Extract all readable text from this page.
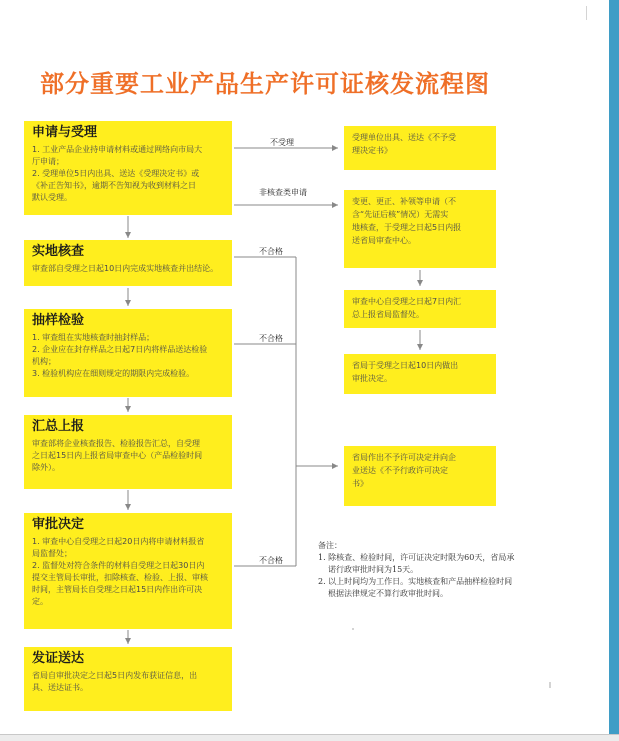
部分重要工业产品生产许可证核发流程图
申请与受理
1. 工业产品企业持申请材料或通过网络向市局大
厅申请；
2. 受理单位5日内出具、送达《受理决定书》或
《补正告知书》，逾期不告知视为收到材料之日
默认受理。
实地核查
审查部自受理之日起10日内完成实地核查并出结论。
抽样检验
1. 审查组在实地核查时抽封样品；
2. 企业应在封存样品之日起7日内将样品送达检验
机构；
3. 检验机构应在细则规定的期限内完成检验。
汇总上报
审查部将企业核查报告、检验报告汇总，自受理
之日起15日内上报省局审查中心（产品检验时间
除外）。
审批决定
1. 审查中心自受理之日起20日内将申请材料报省
局监督处；
2. 监督处对符合条件的材料自受理之日起30日内
提交主管局长审批，扣除核查、检验、上报、审核
时间，主管局长自受理之日起15日内作出许可决
定。
发证送达
省局自审批决定之日起5日内发布获证信息，出
具、送达证书。
受理单位出具、送达《不予受
理决定书》
变更、更正、补领等申请（不
含“先证后核”情况）无需实
地核查，于受理之日起5日内报
送省局审查中心。
审查中心自受理之日起7日内汇
总上报省局监督处。
省局于受理之日起10日内做出
审批决定。
省局作出不予许可决定并向企
业送达《不予行政许可决定
书》
不受理
非核查类申请
不合格
不合格
不合格
备注：
1. 除核查、检验时间，许可证决定时限为60天，省局承
诺行政审批时间为15天。
2. 以上时间均为工作日。实地核查和产品抽样检验时间
根据法律规定不算行政审批时间。
